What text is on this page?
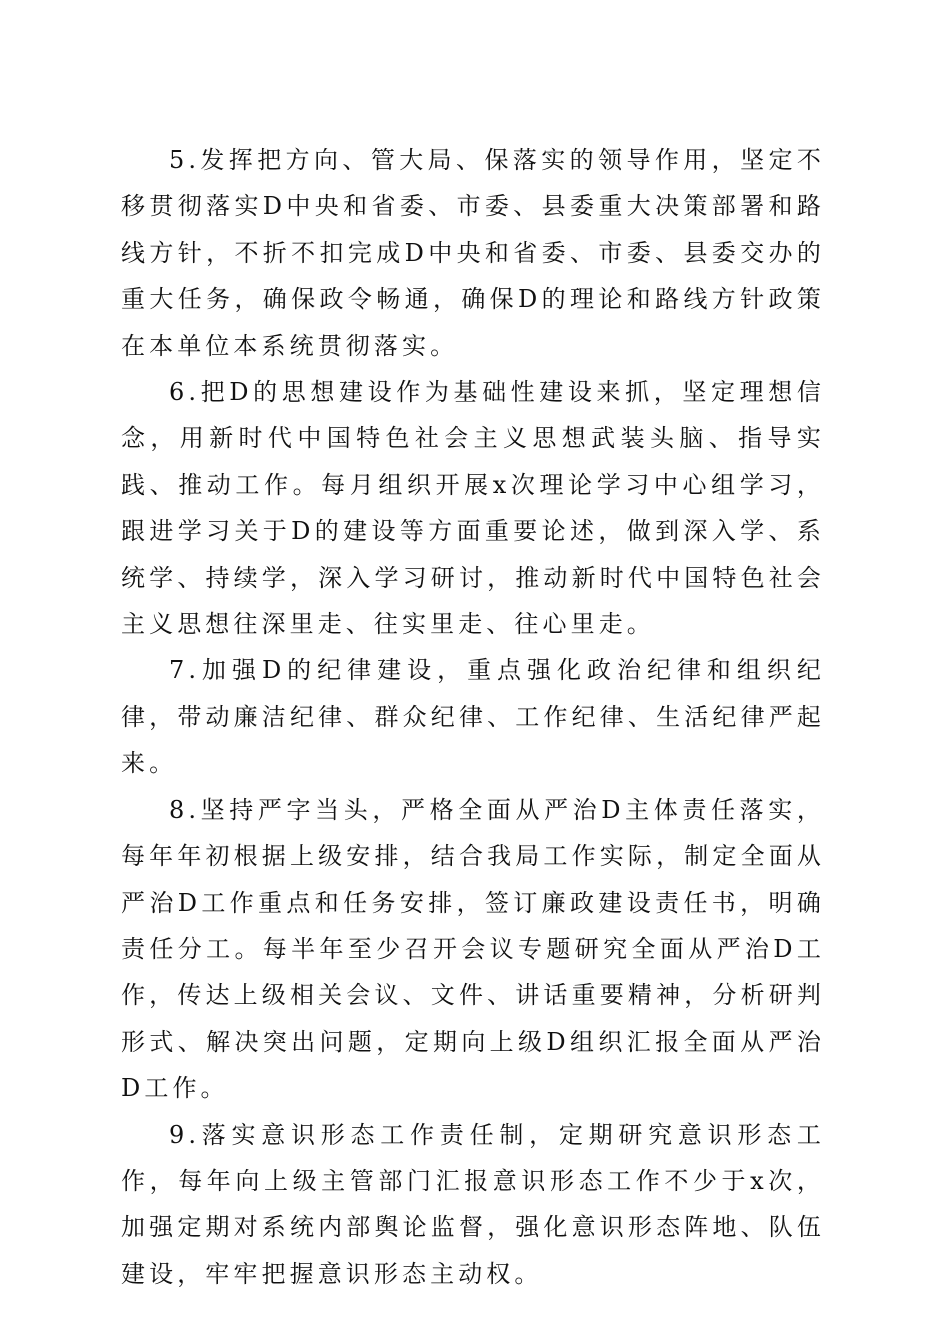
5.发挥把方向、管大局、保落实的领导作用，坚定不移贯彻落实D中央和省委、市委、县委重大决策部署和路线方针，不折不扣完成D中央和省委、市委、县委交办的重大任务，确保政令畅通，确保D的理论和路线方针政策在本单位本系统贯彻落实。

6.把D的思想建设作为基础性建设来抓，坚定理想信念，用新时代中国特色社会主义思想武装头脑、指导实践、推动工作。每月组织开展x次理论学习中心组学习，跟进学习关于D的建设等方面重要论述，做到深入学、系统学、持续学，深入学习研讨，推动新时代中国特色社会主义思想往深里走、往实里走、往心里走。

7.加强D的纪律建设，重点强化政治纪律和组织纪律，带动廉洁纪律、群众纪律、工作纪律、生活纪律严起来。

8.坚持严字当头，严格全面从严治D主体责任落实，每年年初根据上级安排，结合我局工作实际，制定全面从严治D工作重点和任务安排，签订廉政建设责任书，明确责任分工。每半年至少召开会议专题研究全面从严治D工作，传达上级相关会议、文件、讲话重要精神，分析研判形式、解决突出问题，定期向上级D组织汇报全面从严治D工作。

9.落实意识形态工作责任制，定期研究意识形态工作，每年向上级主管部门汇报意识形态工作不少于x次，加强定期对系统内部舆论监督，强化意识形态阵地、队伍建设，牢牢把握意识形态主动权。
